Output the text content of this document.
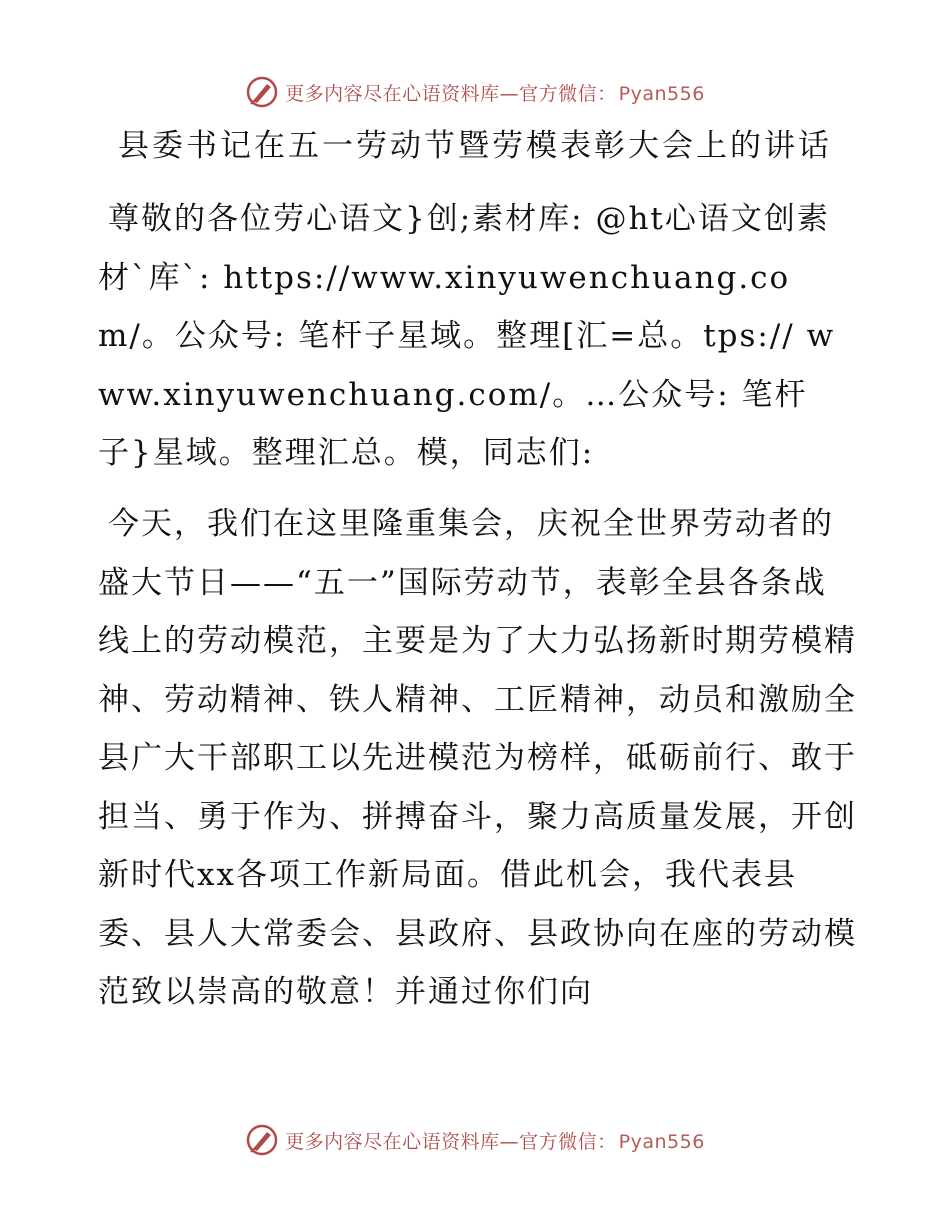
更多内容尽在心语资料库—官方微信： Pyan556
县委书记在五一劳动节暨劳模表彰大会上的讲话

尊敬的各位劳心语文}创;素材库: @ht心语文创素材`库`: https://www.xinyuwenchuang.com/。公众号: 笔杆子星域。整理[汇=总。tps:// www.xinyuwenchuang.com/。…公众号: 笔杆子}星域。整理汇总。模，同志们:

今天，我们在这里隆重集会，庆祝全世界劳动者的盛大节日——“五一”国际劳动节，表彰全县各条战线上的劳动模范，主要是为了大力弘扬新时期劳模精神、劳动精神、铁人精神、工匠精神，动员和激励全县广大干部职工以先进模范为榜样，砥砺前行、敢于担当、勇于作为、拼搏奋斗，聚力高质量发展，开创新时代xx各项工作新局面。借此机会，我代表县委、县人大常委会、县政府、县政协向在座的劳动模范致以崇高的敬意！并通过你们向

更多内容尽在心语资料库—官方微信： Pyan556
